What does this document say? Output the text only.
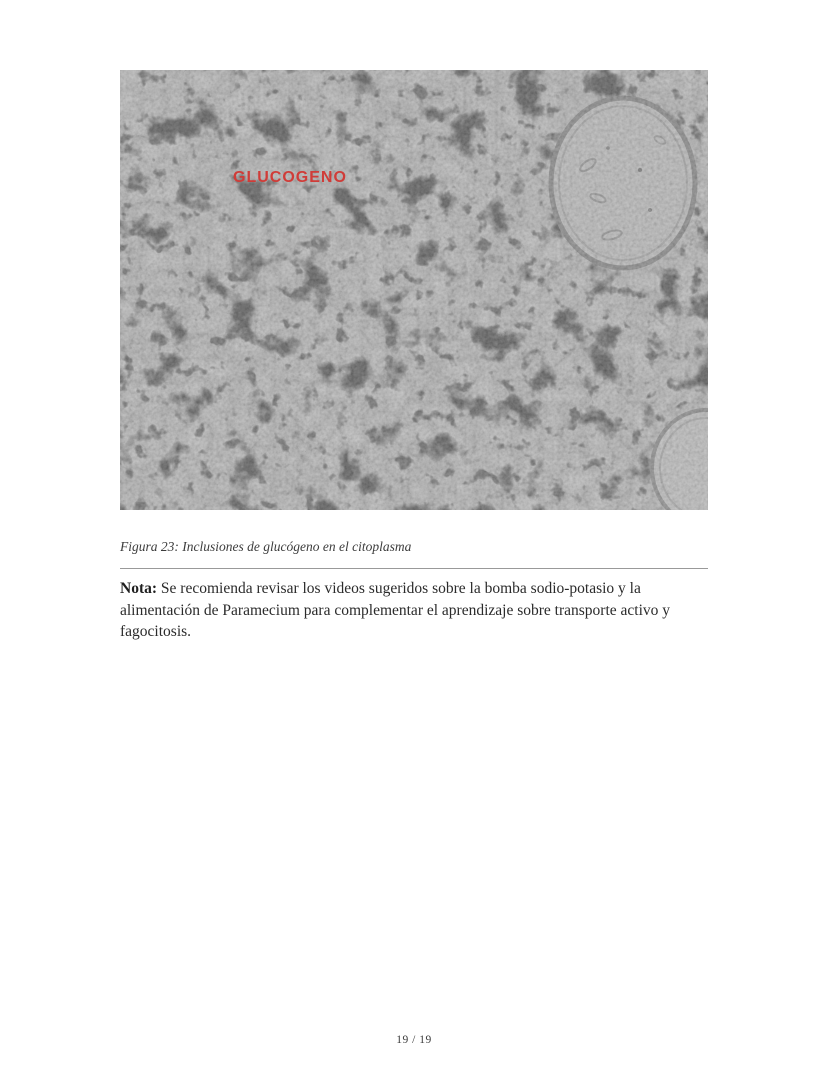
GLUCOGENO
Figura 23: Inclusiones de glucógeno en el citoplasma

Nota: Se recomienda revisar los videos sugeridos sobre la bomba sodio-potasio y la alimentación de Paramecium para complementar el aprendizaje sobre transporte activo y fagocitosis.

19 / 19
